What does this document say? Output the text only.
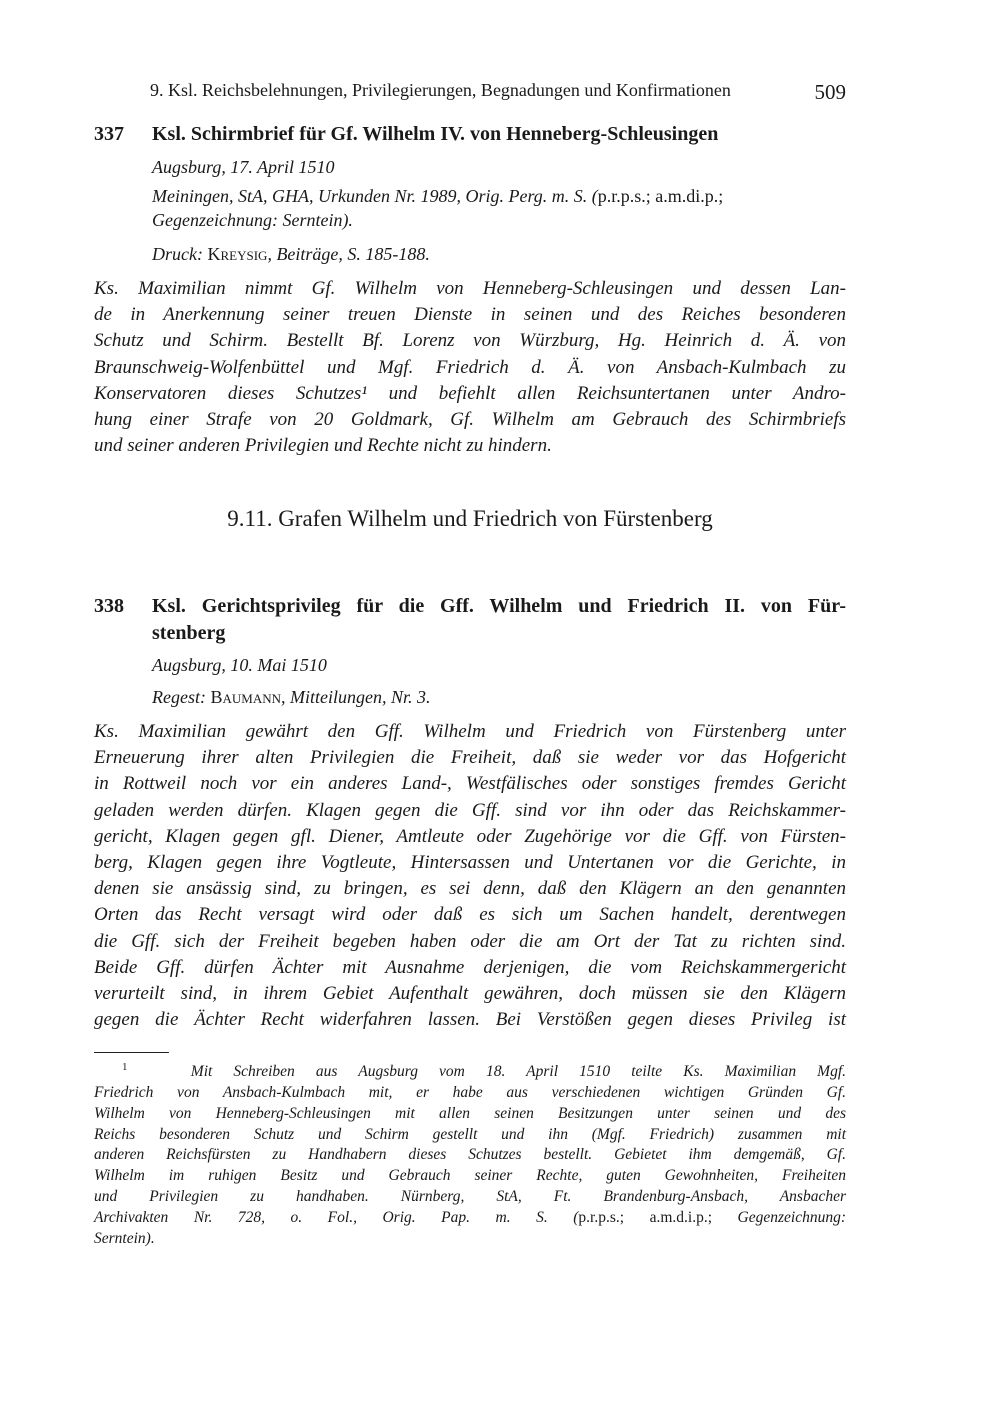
9. Ksl. Reichsbelehnungen, Privilegierungen, Begnadungen und Konfirmationen	509
337	Ksl. Schirmbrief für Gf. Wilhelm IV. von Henneberg-Schleusingen
Augsburg, 17. April 1510
Meiningen, StA, GHA, Urkunden Nr. 1989, Orig. Perg. m. S. (p.r.p.s.; a.m.di.p.;
Gegenzeichnung: Serntein).
Druck: Kreysig, Beiträge, S. 185-188.
Ks. Maximilian nimmt Gf. Wilhelm von Henneberg-Schleusingen und dessen Lan-
de in Anerkennung seiner treuen Dienste in seinen und des Reiches besonderen
Schutz und Schirm. Bestellt Bf. Lorenz von Würzburg, Hg. Heinrich d. Ä. von
Braunschweig-Wolfenbüttel und Mgf. Friedrich d. Ä. von Ansbach-Kulmbach zu
Konservatoren dieses Schutzes¹ und befiehlt allen Reichsuntertanen unter Andro-
hung einer Strafe von 20 Goldmark, Gf. Wilhelm am Gebrauch des Schirmbriefs
und seiner anderen Privilegien und Rechte nicht zu hindern.
9.11. Grafen Wilhelm und Friedrich von Fürstenberg
338	Ksl. Gerichtsprivileg für die Gff. Wilhelm und Friedrich II. von Für-
stenberg
Augsburg, 10. Mai 1510
Regest: Baumann, Mitteilungen, Nr. 3.
Ks. Maximilian gewährt den Gff. Wilhelm und Friedrich von Fürstenberg unter
Erneuerung ihrer alten Privilegien die Freiheit, daß sie weder vor das Hofgericht
in Rottweil noch vor ein anderes Land-, Westfälisches oder sonstiges fremdes Gericht
geladen werden dürfen. Klagen gegen die Gff. sind vor ihn oder das Reichskammer-
gericht, Klagen gegen gfl. Diener, Amtleute oder Zugehörige vor die Gff. von Fürsten-
berg, Klagen gegen ihre Vogtleute, Hintersassen und Untertanen vor die Gerichte, in
denen sie ansässig sind, zu bringen, es sei denn, daß den Klägern an den genannten
Orten das Recht versagt wird oder daß es sich um Sachen handelt, derentwegen
die Gff. sich der Freiheit begeben haben oder die am Ort der Tat zu richten sind.
Beide Gff. dürfen Ächter mit Ausnahme derjenigen, die vom Reichskammergericht
verurteilt sind, in ihrem Gebiet Aufenthalt gewähren, doch müssen sie den Klägern
gegen die Ächter Recht widerfahren lassen. Bei Verstößen gegen dieses Privileg ist
$^1$	Mit Schreiben aus Augsburg vom 18. April 1510 teilte Ks. Maximilian Mgf.
Friedrich von Ansbach-Kulmbach mit, er habe aus verschiedenen wichtigen Gründen Gf.
Wilhelm von Henneberg-Schleusingen mit allen seinen Besitzungen unter seinen und des
Reichs besonderen Schutz und Schirm gestellt und ihn (Mgf. Friedrich) zusammen mit
anderen Reichsfürsten zu Handhabern dieses Schutzes bestellt. Gebietet ihm demgemäß, Gf.
Wilhelm im ruhigen Besitz und Gebrauch seiner Rechte, guten Gewohnheiten, Freiheiten
und Privilegien zu handhaben. Nürnberg, StA, Ft. Brandenburg-Ansbach, Ansbacher
Archivakten Nr. 728, o. Fol., Orig. Pap. m. S. (p.r.p.s.; a.m.d.i.p.; Gegenzeichnung:
Serntein).
